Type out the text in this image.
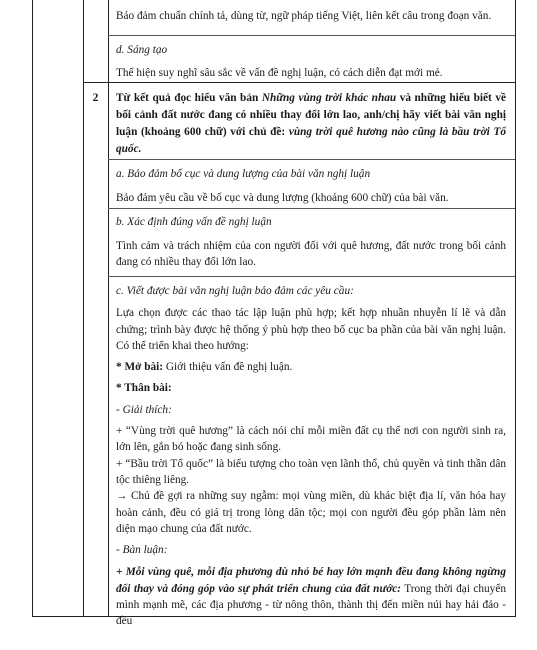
Bảo đảm chuẩn chính tả, dùng từ, ngữ pháp tiếng Việt, liên kết câu trong đoạn văn.

d. Sáng tạo

Thể hiện suy nghĩ sâu sắc về vấn đề nghị luận, có cách diễn đạt mới mẻ.

2	Từ kết quả đọc hiểu văn bản Những vùng trời khác nhau và những hiểu biết về bối cảnh đất nước đang có nhiều thay đổi lớn lao, anh/chị hãy viết bài văn nghị luận (khoảng 600 chữ) với chủ đề: vùng trời quê hương nào cũng là bầu trời Tổ quốc.

a. Bảo đảm bố cục và dung lượng của bài văn nghị luận

Bảo đảm yêu cầu về bố cục và dung lượng (khoảng 600 chữ) của bài văn.

b. Xác định đúng vấn đề nghị luận

Tình cảm và trách nhiệm của con người đối với quê hương, đất nước trong bối cảnh đang có nhiều thay đổi lớn lao.

c. Viết được bài văn nghị luận bảo đảm các yêu cầu:

Lựa chọn được các thao tác lập luận phù hợp; kết hợp nhuần nhuyễn lí lẽ và dẫn chứng; trình bày được hệ thống ý phù hợp theo bố cục ba phần của bài văn nghị luận. Có thể triển khai theo hướng:

* Mở bài: Giới thiệu vấn đề nghị luận.

* Thân bài:

- Giải thích:

+ “Vùng trời quê hương” là cách nói chỉ mỗi miền đất cụ thể nơi con người sinh ra, lớn lên, gắn bó hoặc đang sinh sống.

+ “Bầu trời Tổ quốc” là biểu tượng cho toàn vẹn lãnh thổ, chủ quyền và tinh thần dân tộc thiêng liêng.

→ Chủ đề gợi ra những suy ngẫm: mọi vùng miền, dù khác biệt địa lí, văn hóa hay hoàn cảnh, đều có giá trị trong lòng dân tộc; mọi con người đều góp phần làm nên diện mạo chung của đất nước.

- Bàn luận:

+ Mỗi vùng quê, mỗi địa phương dù nhỏ bé hay lớn mạnh đều đang không ngừng đổi thay và đóng góp vào sự phát triển chung của đất nước: Trong thời đại chuyển mình mạnh mẽ, các địa phương - từ nông thôn, thành thị đến miền núi hay hải đảo - đều
